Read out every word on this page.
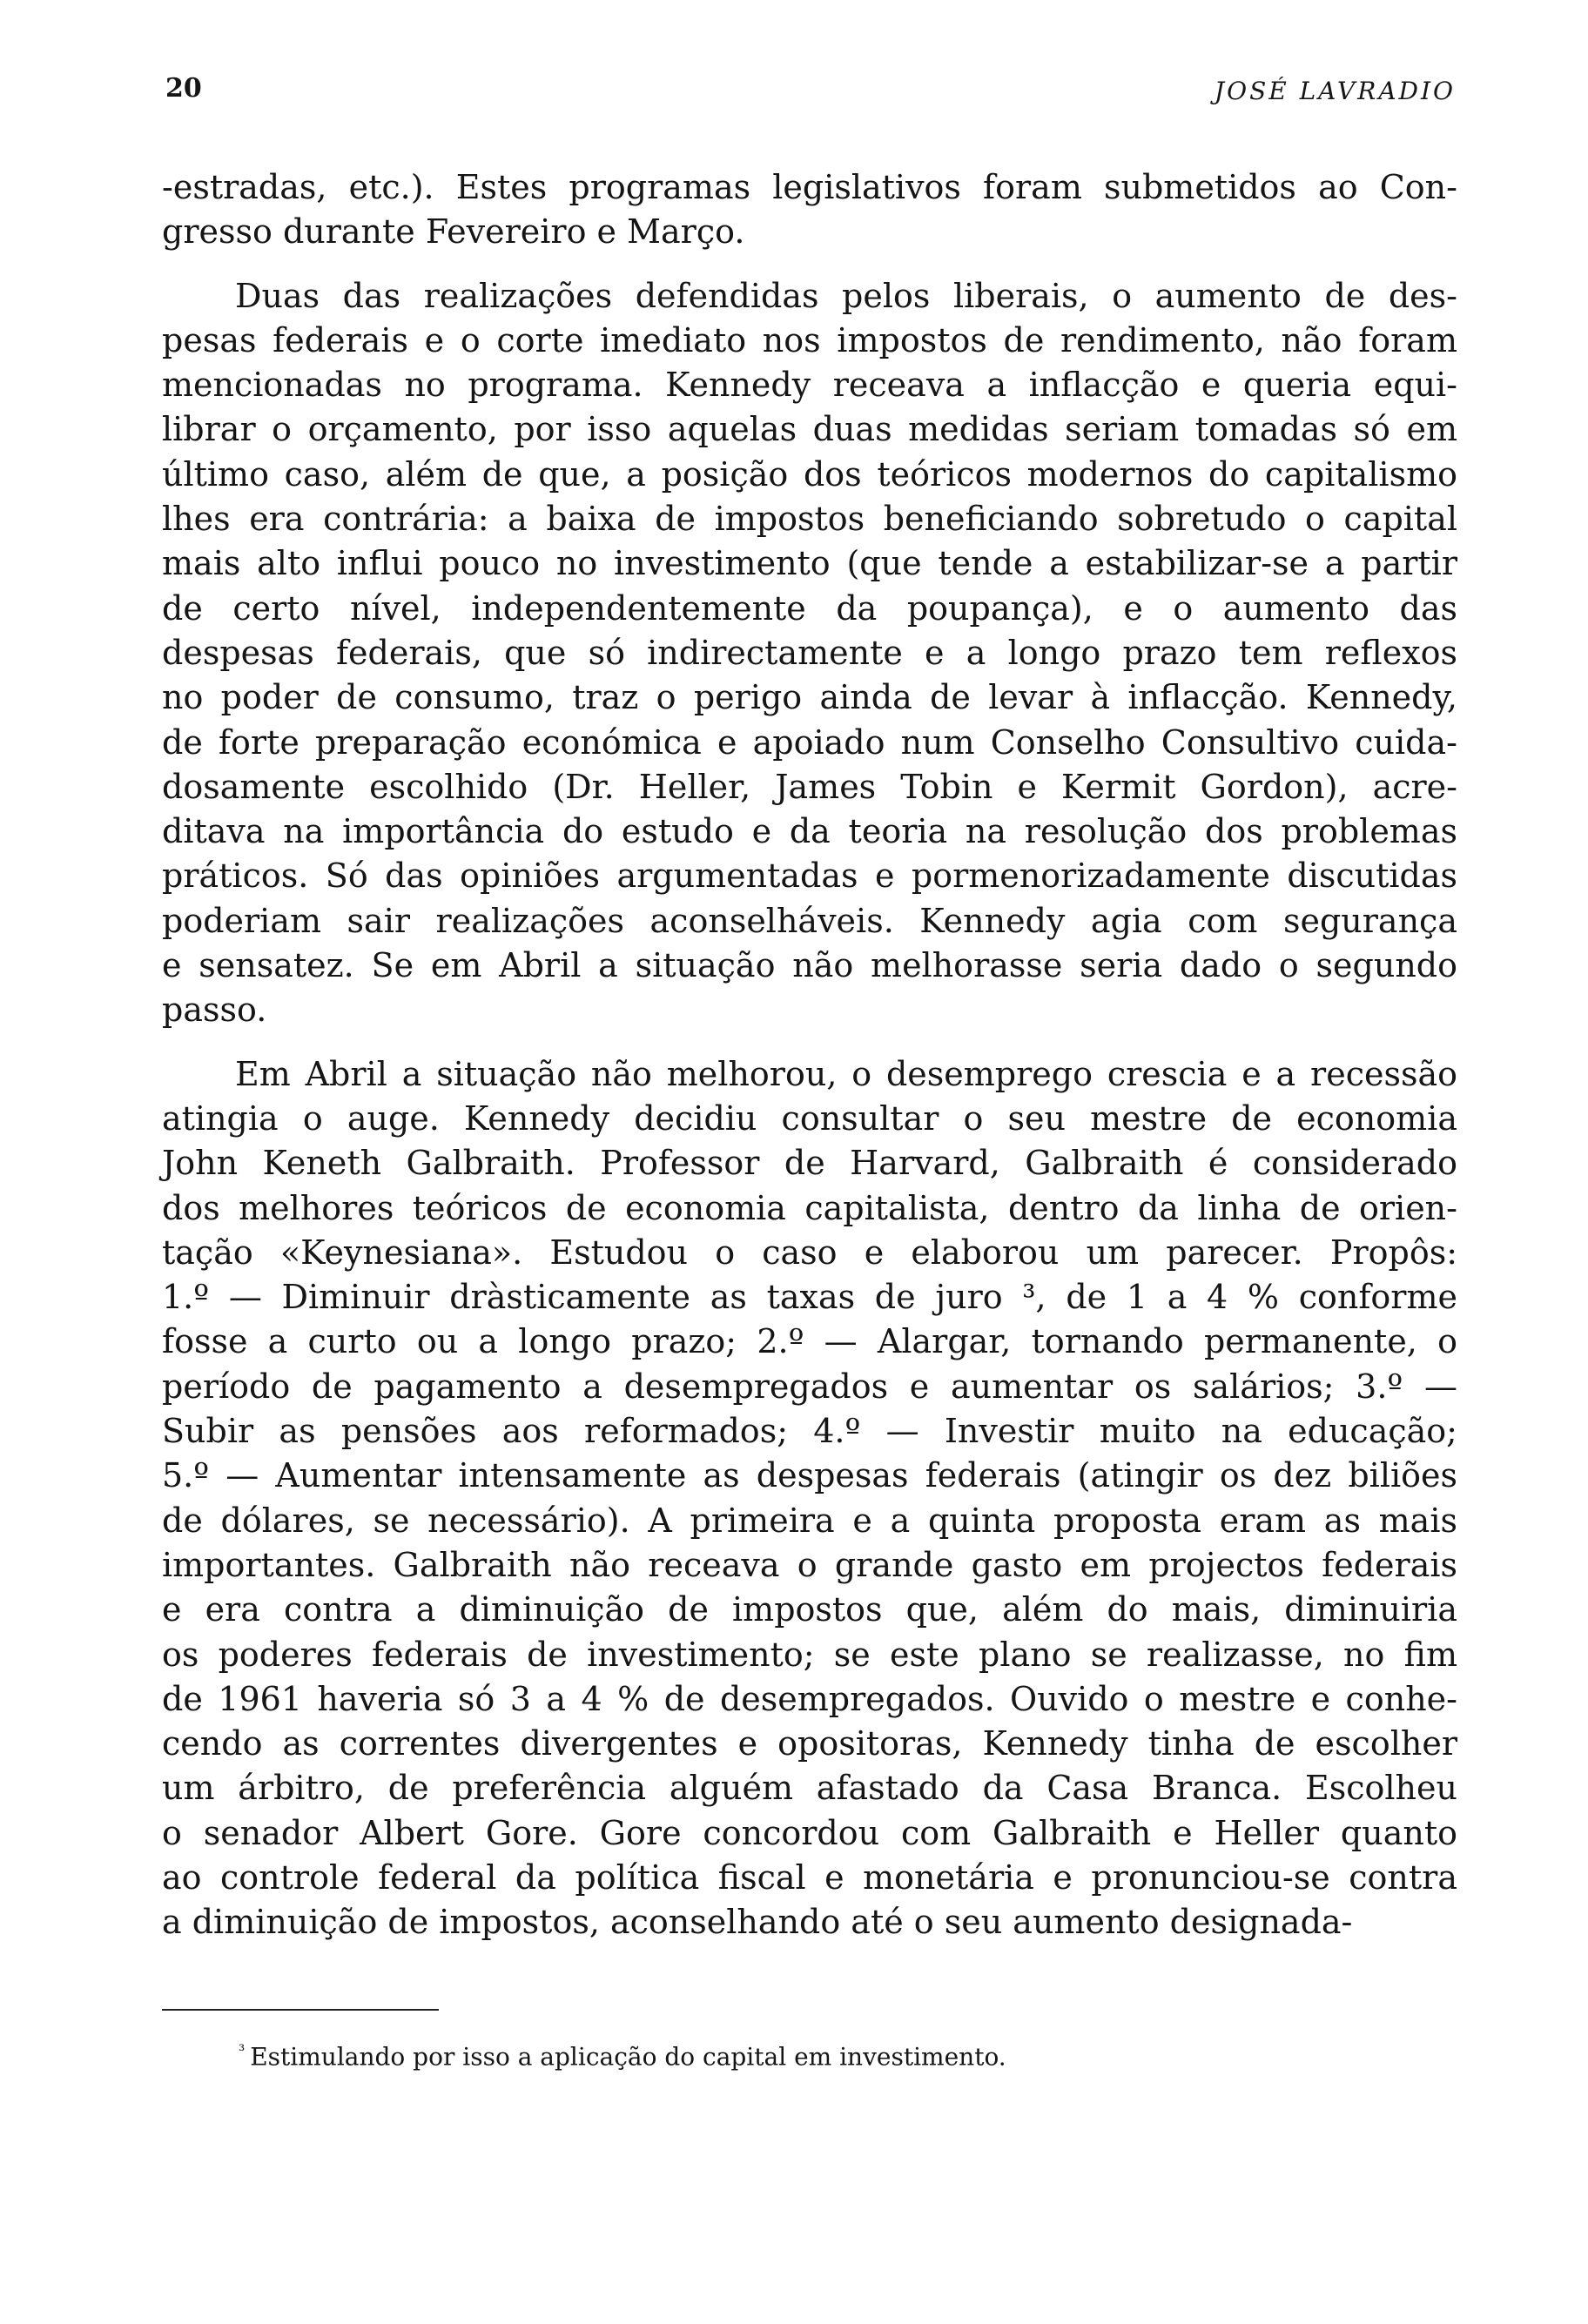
20	JOSÉ LAVRADIO
-estradas, etc.). Estes programas legislativos foram submetidos ao Con-
gresso durante Fevereiro e Março.
Duas das realizações defendidas pelos liberais, o aumento de des-
pesas federais e o corte imediato nos impostos de rendimento, não foram
mencionadas no programa. Kennedy receava a inflacção e queria equi-
librar o orçamento, por isso aquelas duas medidas seriam tomadas só em
último caso, além de que, a posição dos teóricos modernos do capitalismo
lhes era contrária: a baixa de impostos beneficiando sobretudo o capital
mais alto influi pouco no investimento (que tende a estabilizar-se a partir
de certo nível, independentemente da poupança), e o aumento das
despesas federais, que só indirectamente e a longo prazo tem reflexos
no poder de consumo, traz o perigo ainda de levar à inflacção. Kennedy,
de forte preparação económica e apoiado num Conselho Consultivo cuida-
dosamente escolhido (Dr. Heller, James Tobin e Kermit Gordon), acre-
ditava na importância do estudo e da teoria na resolução dos problemas
práticos. Só das opiniões argumentadas e pormenorizadamente discutidas
poderiam sair realizações aconselháveis. Kennedy agia com segurança
e sensatez. Se em Abril a situação não melhorasse seria dado o segundo
passo.
Em Abril a situação não melhorou, o desemprego crescia e a recessão
atingia o auge. Kennedy decidiu consultar o seu mestre de economia
John Keneth Galbraith. Professor de Harvard, Galbraith é considerado
dos melhores teóricos de economia capitalista, dentro da linha de orien-
tação «Keynesiana». Estudou o caso e elaborou um parecer. Propôs:
1.º — Diminuir dràsticamente as taxas de juro ³, de 1 a 4 % conforme
fosse a curto ou a longo prazo; 2.º — Alargar, tornando permanente, o
período de pagamento a desempregados e aumentar os salários; 3.º —
Subir as pensões aos reformados; 4.º — Investir muito na educação;
5.º — Aumentar intensamente as despesas federais (atingir os dez biliões
de dólares, se necessário). A primeira e a quinta proposta eram as mais
importantes. Galbraith não receava o grande gasto em projectos federais
e era contra a diminuição de impostos que, além do mais, diminuiria
os poderes federais de investimento; se este plano se realizasse, no fim
de 1961 haveria só 3 a 4 % de desempregados. Ouvido o mestre e conhe-
cendo as correntes divergentes e opositoras, Kennedy tinha de escolher
um árbitro, de preferência alguém afastado da Casa Branca. Escolheu
o senador Albert Gore. Gore concordou com Galbraith e Heller quanto
ao controle federal da política fiscal e monetária e pronunciou-se contra
a diminuição de impostos, aconselhando até o seu aumento designada-
$^{^3}$ Estimulando por isso a aplicação do capital em investimento.
